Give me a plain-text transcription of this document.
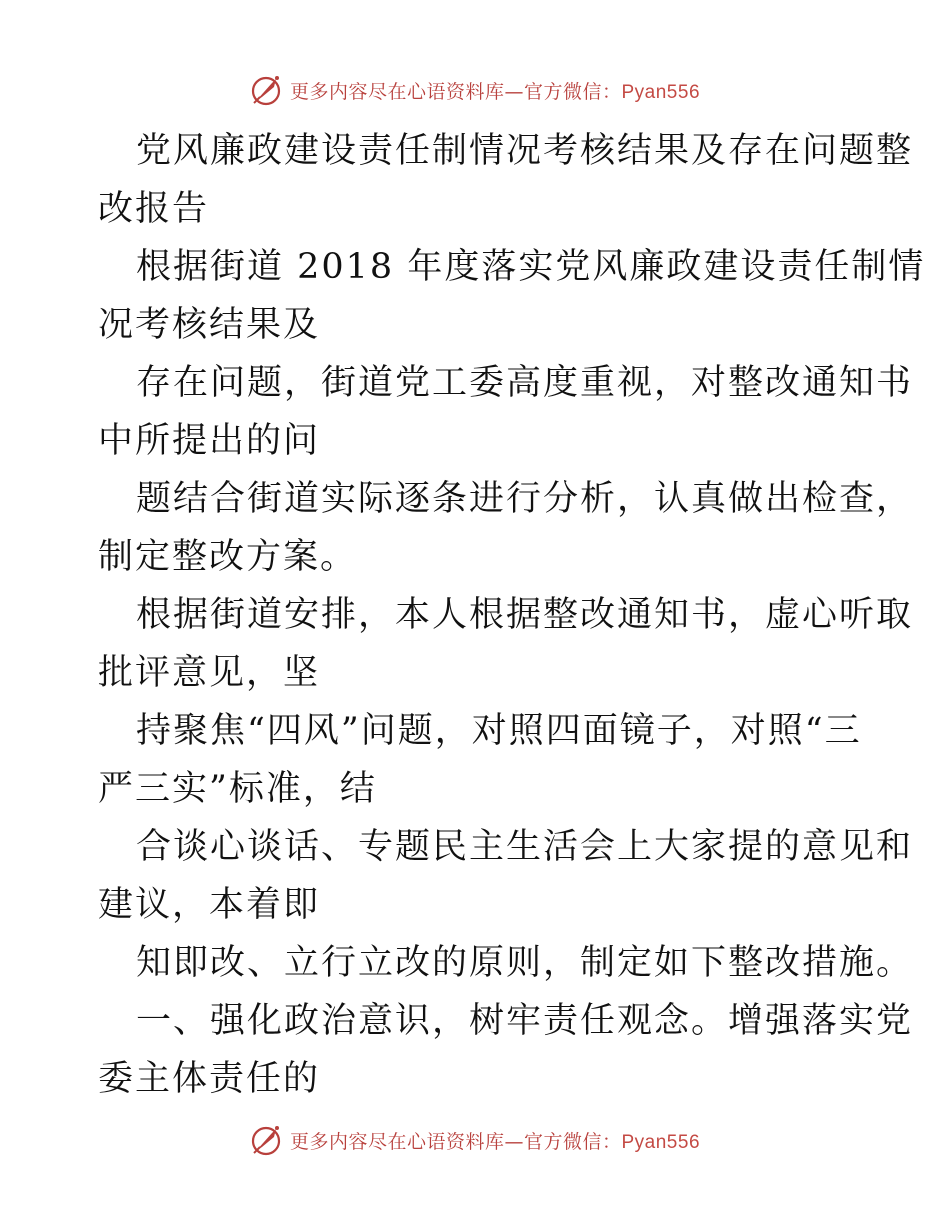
更多内容尽在心语资料库—官方微信：Pyan556
党风廉政建设责任制情况考核结果及存在问题整
改报告
根据街道 2018 年度落实党风廉政建设责任制情
况考核结果及
存在问题，街道党工委高度重视，对整改通知书
中所提出的问
题结合街道实际逐条进行分析，认真做出检查，
制定整改方案。
根据街道安排，本人根据整改通知书，虚心听取
批评意见，坚
持聚焦“四风”问题，对照四面镜子，对照“三
严三实”标准，结
合谈心谈话、专题民主生活会上大家提的意见和
建议，本着即
知即改、立行立改的原则，制定如下整改措施。
一、强化政治意识，树牢责任观念。增强落实党
委主体责任的
更多内容尽在心语资料库—官方微信：Pyan556
